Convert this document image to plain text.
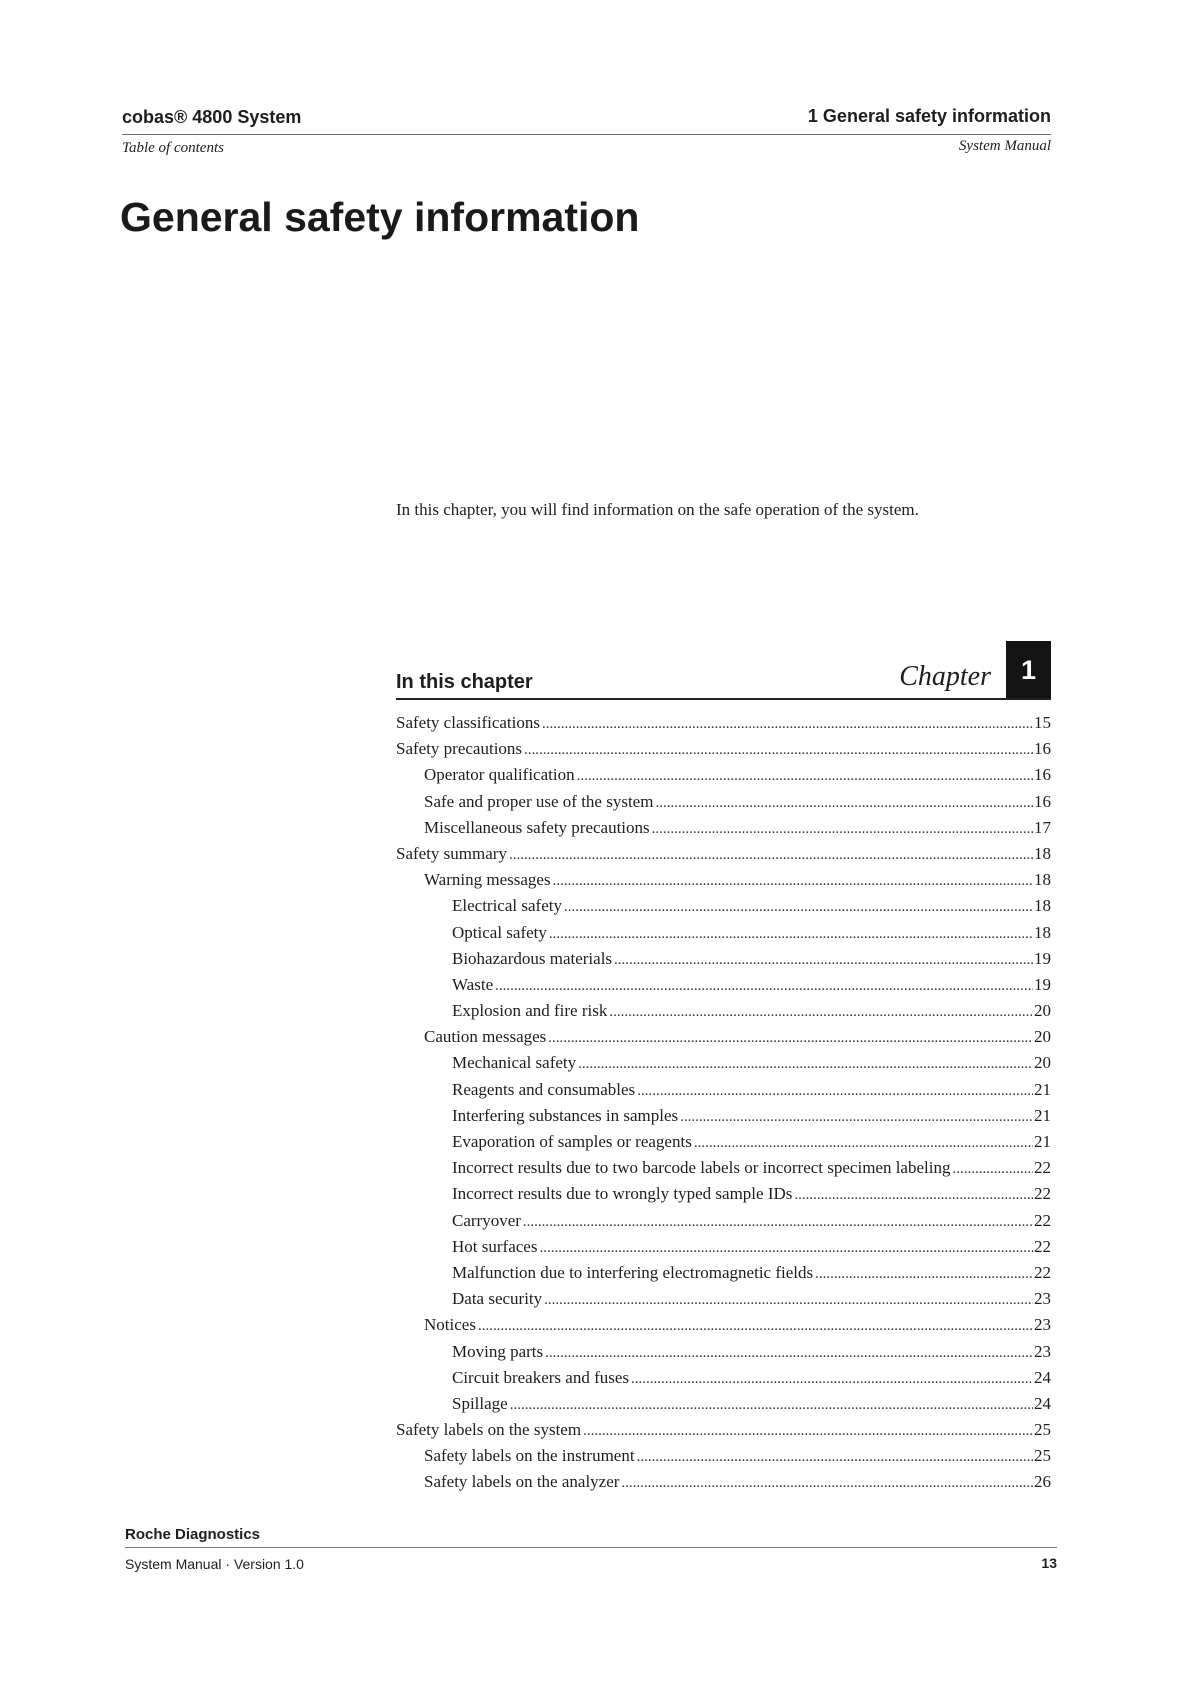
cobas® 4800 System	1 General safety information
Table of contents	System Manual
General safety information

In this chapter, you will find information on the safe operation of the system.

In this chapter	Chapter	1
Safety classifications .....	15
Safety precautions .....	16
Operator qualification .....	16
Safe and proper use of the system .....	16
Miscellaneous safety precautions .....	17
Safety summary .....	18
Warning messages .....	18
Electrical safety .....	18
Optical safety .....	18
Biohazardous materials .....	19
Waste .....	19
Explosion and fire risk .....	20
Caution messages .....	20
Mechanical safety .....	20
Reagents and consumables .....	21
Interfering substances in samples .....	21
Evaporation of samples or reagents .....	21
Incorrect results due to two barcode labels or incorrect specimen labeling .....	22
Incorrect results due to wrongly typed sample IDs .....	22
Carryover .....	22
Hot surfaces .....	22
Malfunction due to interfering electromagnetic fields .....	22
Data security .....	23
Notices .....	23
Moving parts .....	23
Circuit breakers and fuses .....	24
Spillage .....	24
Safety labels on the system .....	25
Safety labels on the instrument .....	25
Safety labels on the analyzer .....	26
Roche Diagnostics
System Manual · Version 1.0	13
